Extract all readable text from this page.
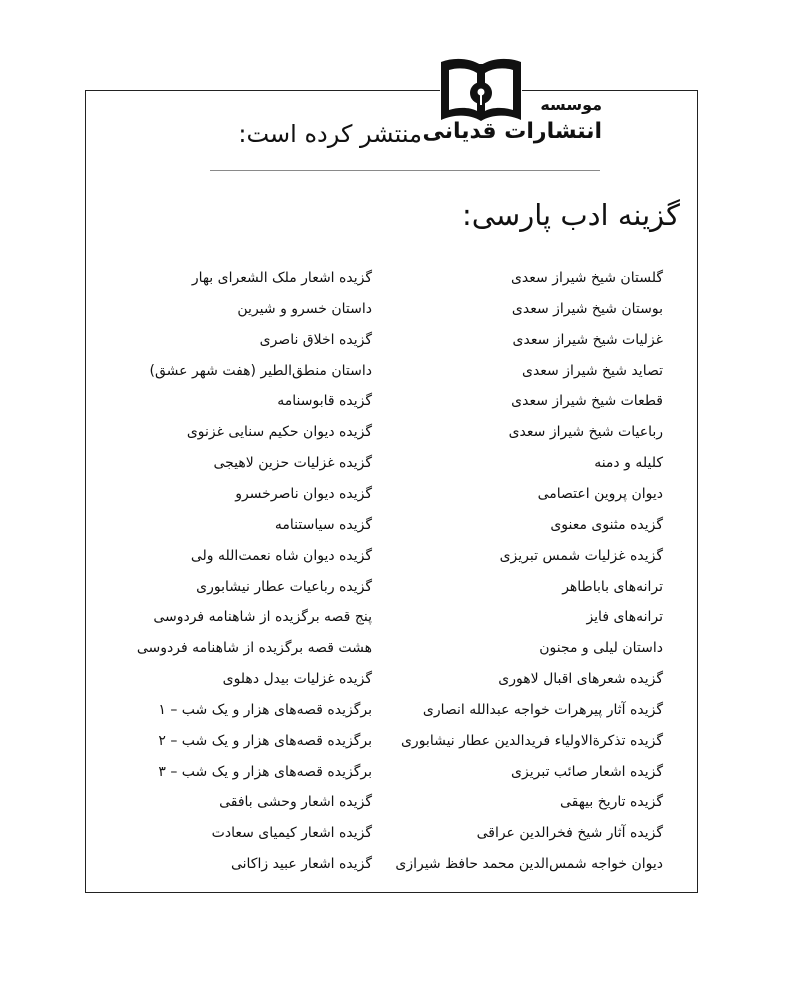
موسسه
انتشارات قدیانی
منتشر کرده است:
گزینه ادب پارسی:
گلستان شیخ شیراز سعدی
بوستان شیخ شیراز سعدی
غزلیات شیخ شیراز سعدی
تصاید شیخ شیراز سعدی
قطعات شیخ شیراز سعدی
رباعیات شیخ شیراز سعدی
کلیله و دمنه
دیوان پروین اعتصامی
گزیده مثنوی معنوی
گزیده غزلیات شمس تبریزی
ترانه‌های باباطاهر
ترانه‌های فایز
داستان لیلی و مجنون
گزیده شعرهای اقبال لاهوری
گزیده آثار پیرهرات خواجه عبدالله انصاری
گزیده تذکرةالاولیاء فریدالدین عطار نیشابوری
گزیده اشعار صائب تبریزی
گزیده تاریخ بیهقی
گزیده آثار شیخ فخرالدین عراقی
دیوان خواجه شمس‌الدین محمد حافظ شیرازی
گزیده اشعار ملک الشعرای بهار
داستان خسرو و شیرین
گزیده اخلاق ناصری
داستان منطق‌الطیر (هفت شهر عشق)
گزیده قابوسنامه
گزیده دیوان حکیم سنایی غزنوی
گزیده غزلیات حزین لاهیجی
گزیده دیوان ناصرخسرو
گزیده سیاستنامه
گزیده دیوان شاه نعمت‌الله ولی
گزیده رباعیات عطار نیشابوری
پنج قصه برگزیده از شاهنامه فردوسی
هشت قصه برگزیده از شاهنامه فردوسی
گزیده غزلیات بیدل دهلوی
برگزیده قصه‌های هزار و یک شب – ۱
برگزیده قصه‌های هزار و یک شب – ۲
برگزیده قصه‌های هزار و یک شب – ۳
گزیده اشعار وحشی بافقی
گزیده اشعار کیمیای سعادت
گزیده اشعار عبید زاکانی
